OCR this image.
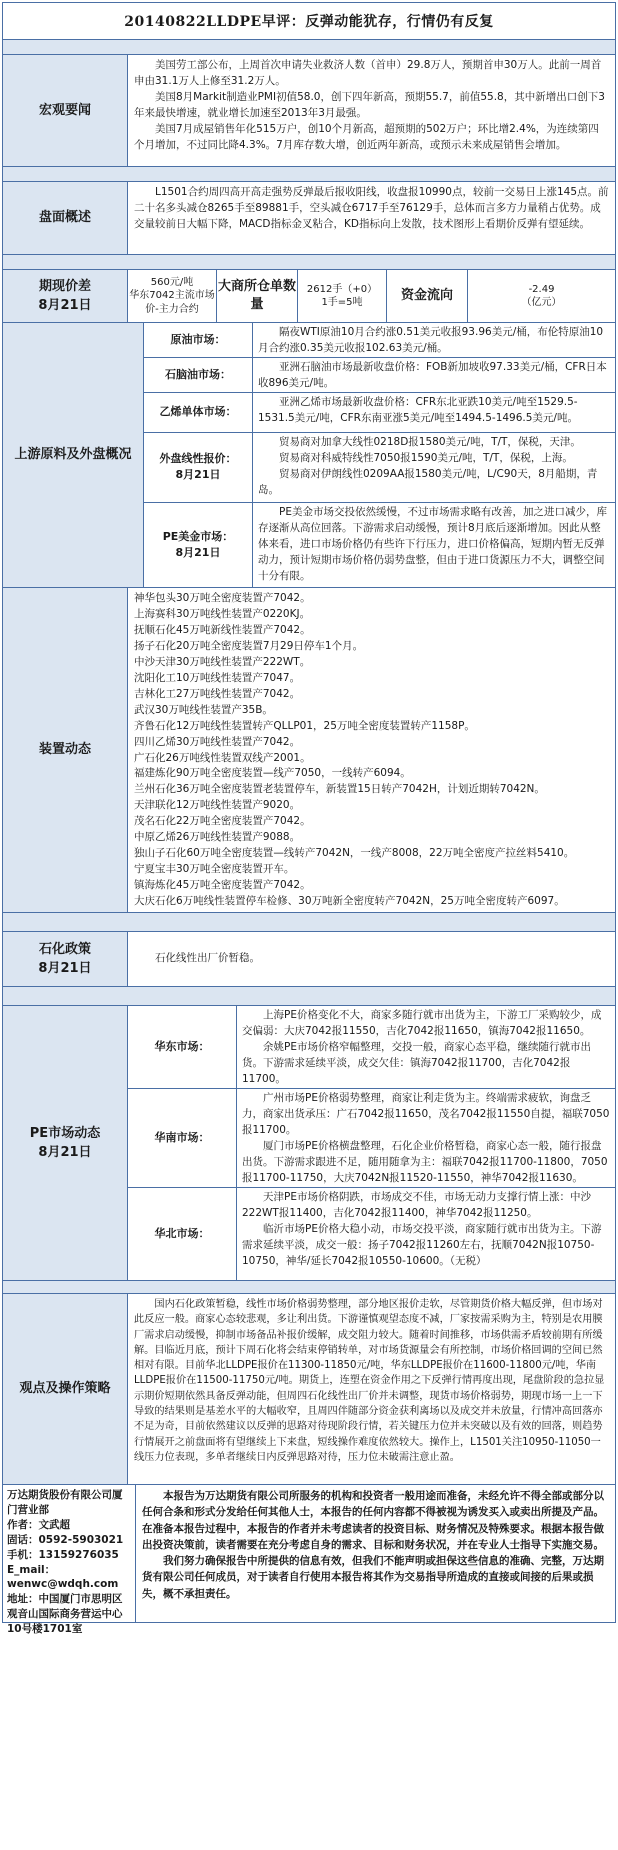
20140822LLDPE早评：反弹动能犹存，行情仍有反复
宏观要闻

美国劳工部公布，上周首次申请失业救济人数（首申）29.8万人，预期首申30万人。此前一周首申由31.1万人上修至31.2万人。

美国8月Markit制造业PMI初值58.0，创下四年新高，预期55.7，前值55.8，其中新增出口创下3年来最快增速，就业增长加速至2013年3月最强。

美国7月成屋销售年化515万户，创10个月新高，超预期的502万户；环比增2.4%，为连续第四个月增加，不过同比降4.3%。7月库存数大增，创近两年新高，或预示未来成屋销售会增加。

盘面概述

L1501合约周四高开高走强势反弹最后报收阳线，收盘报10990点，较前一交易日上涨145点。前二十名多头减仓8265手至89881手，空头减仓6717手至76129手，总体而言多方力量稍占优势。成交量较前日大幅下降，MACD指标金叉粘合，KD指标向上发散，技术图形上看期价反弹有望延续。

期现价差
8月21日
560元/吨
华东7042主流市场价-主力合约
大商所仓单数量
2612手（+0）
1手=5吨	资金流向	-2.49
（亿元）
上游原料及外盘概况
原油市场：

隔夜WTI原油10月合约涨0.51美元收报93.96美元/桶，布伦特原油10月合约涨0.35美元收报102.63美元/桶。

石脑油市场：

亚洲石脑油市场最新收盘价格：FOB新加坡收97.33美元/桶，CFR日本收896美元/吨。

乙烯单体市场：

亚洲乙烯市场最新收盘价格：CFR东北亚跌10美元/吨至1529.5-1531.5美元/吨，CFR东南亚涨5美元/吨至1494.5-1496.5美元/吨。

外盘线性报价：
8月21日

贸易商对加拿大线性0218D报1580美元/吨，T/T，保税，天津。

贸易商对科威特线性7050报1590美元/吨，T/T，保税，上海。

贸易商对伊朗线性0209AA报1580美元/吨，L/C90天，8月船期，青岛。

PE美金市场：
8月21日

PE美金市场交投依然缓慢，不过市场需求略有改善，加之进口减少，库存逐渐从高位回落。下游需求启动缓慢，预计8月底后逐渐增加。因此从整体来看，进口市场价格仍有些许下行压力，进口价格偏高，短期内暂无反弹动力，预计短期市场价格仍弱势盘整，但由于进口货源压力不大，调整空间十分有限。

装置动态

神华包头30万吨全密度装置产7042。

上海赛科30万吨线性装置产0220KJ。

抚顺石化45万吨新线性装置产7042。

扬子石化20万吨全密度装置7月29日停车1个月。

中沙天津30万吨线性装置产222WT。

沈阳化工10万吨线性装置产7047。

吉林化工27万吨线性装置产7042。

武汉30万吨线性装置产35B。

齐鲁石化12万吨线性装置转产QLLP01，25万吨全密度装置转产1158P。

四川乙烯30万吨线性装置产7042。

广石化26万吨线性装置双线产2001。

福建炼化90万吨全密度装置—线产7050，一线转产6094。

兰州石化36万吨全密度装置老装置停车，新装置15日转产7042H，计划近期转7042N。

天津联化12万吨线性装置产9020。

茂名石化22万吨全密度装置产7042。

中原乙烯26万吨线性装置产9088。

独山子石化60万吨全密度装置—线转产7042N，一线产8008，22万吨全密度产拉丝料5410。

宁夏宝丰30万吨全密度装置开车。

镇海炼化45万吨全密度装置产7042。

大庆石化6万吨线性装置停车检修、30万吨新全密度转产7042N，25万吨全密度转产6097。

石化政策
8月21日

石化线性出厂价暂稳。

PE市场动态
8月21日
华东市场：

上海PE价格变化不大，商家多随行就市出货为主，下游工厂采购较少，成交偏弱：大庆7042报11550，吉化7042报11650，镇海7042报11650。

余姚PE市场价格窄幅整理，交投一般，商家心态平稳，继续随行就市出货。下游需求延续平淡，成交欠佳：镇海7042报11700，吉化7042报11700。

华南市场：

广州市场PE价格弱势整理，商家让利走货为主。终端需求疲软，询盘乏力，商家出货承压：广石7042报11650，茂名7042报11550自提，福联7050报11700。

厦门市场PE价格横盘整理，石化企业价格暂稳，商家心态一般，随行报盘出货。下游需求跟进不足，随用随拿为主：福联7042报11700-11800，7050报11700-11750，大庆7042N报11520-11550，神华7042报11630。

华北市场：

天津PE市场价格阴跌，市场成交不佳，市场无动力支撑行情上涨：中沙222WT报11400，吉化7042报11400，神华7042报11250。

临沂市场PE价格大稳小动，市场交投平淡，商家随行就市出货为主。下游需求延续平淡，成交一般：扬子7042报11260左右，抚顺7042N报10750-10750，神华/延长7042报10550-10600。（无税）

观点及操作策略

国内石化政策暂稳，线性市场价格弱势整理，部分地区报价走软，尽管期货价格大幅反弹，但市场对此反应一般。商家心态较悲观，多让利出货。下游谨慎观望态度不减，厂家按需采购为主，特别是农用膜厂需求启动缓慢，抑制市场备品补报价缓解，成交阻力较大。随着时间推移，市场供需矛盾较前期有所缓解。目临近月底，预计下周石化将会结束停销转单，对市场货源量会有所控制，市场价格回调的空间已然相对有限。目前华北LLDPE报价在11300-11850元/吨，华东LLDPE报价在11600-11800元/吨，华南LLDPE报价在11500-11750元/吨。期货上，连塑在资金作用之下反弹行情再度出现，尾盘阶段的急拉显示期价短期依然具备反弹动能，但周四石化线性出厂价并未调整，现货市场价格弱势，期现市场一上一下导致的结果则是基差水平的大幅收窄，且周四伴随部分资金获利离场以及成交并未放量，行情冲高回落亦不足为奇，目前依然建议以反弹的思路对待现阶段行情，若关键压力位并未突破以及有效的回落，则趋势行情展开之前盘面将有望继续上下来盘，短线操作难度依然较大。操作上，L1501关注10950-11050一线压力位表现，多单者继续日内反弹思路对待，压力位未破需注意止盈。

万达期货股份有限公司厦门营业部
作者：文武超
固话：0592-5903021
手机：13159276035
E_mail：
wenwc@wdqh.com
地址：中国厦门市思明区观音山国际商务营运中心10号楼1701室

本报告为万达期货有限公司所服务的机构和投资者一般用途而准备，未经允许不得全部或部分以任何合条和形式分发给任何其他人士，本报告的任何内容都不得被视为诱发买入或卖出所提及产品。在准备本报告过程中，本报告的作者并未考虑读者的投资目标、财务情况及特殊要求。根据本报告做出投资决策前，读者需要在充分考虑自身的需求、目标和财务状况，并在专业人士指导下实施交易。

我们努力确保报告中所提供的信息有效，但我们不能声明或担保这些信息的准确、完整，万达期货有限公司任何成员，对于读者自行使用本报告将其作为交易指导所造成的直接或间接的后果或损失，概不承担责任。
